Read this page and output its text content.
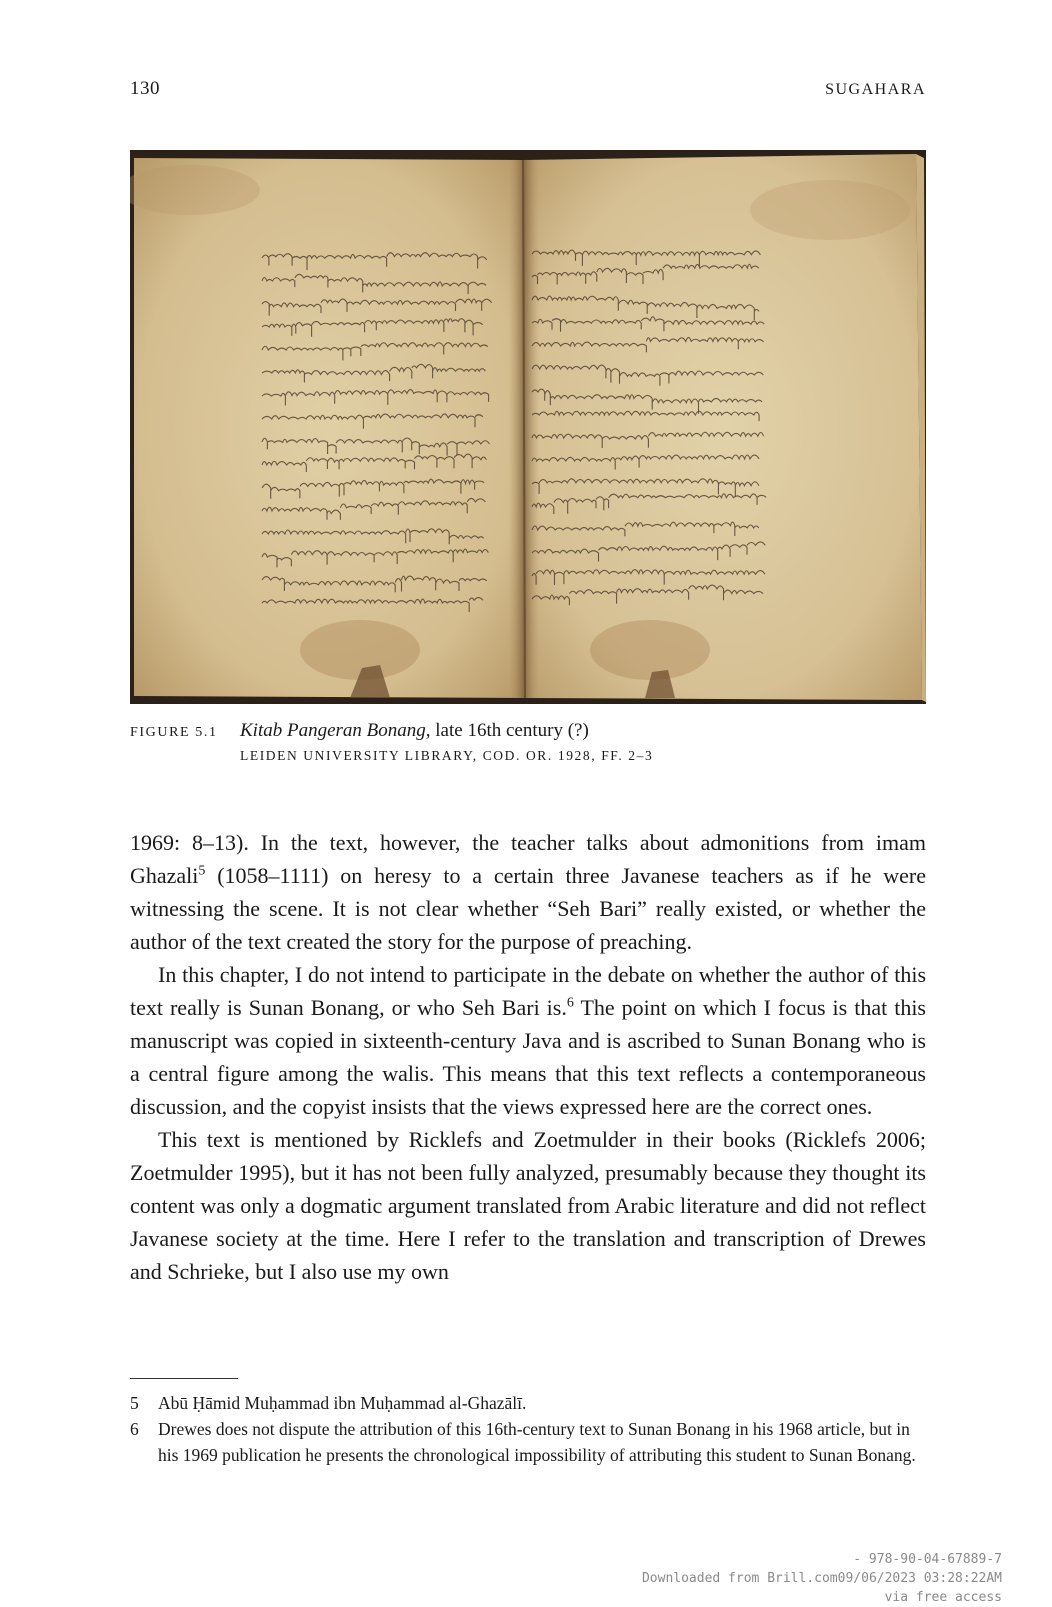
130	SUGAHARA
FIGURE 5.1	Kitab Pangeran Bonang, late 16th century (?)
LEIDEN UNIVERSITY LIBRARY, COD. OR. 1928, FF. 2–3

1969: 8–13). In the text, however, the teacher talks about admonitions from imam Ghazali$^5$ (1058–1111) on heresy to a certain three Javanese teachers as if he were witnessing the scene. It is not clear whether “Seh Bari” really existed, or whether the author of the text created the story for the purpose of preaching.

In this chapter, I do not intend to participate in the debate on whether the author of this text really is Sunan Bonang, or who Seh Bari is.$^6$ The point on which I focus is that this manuscript was copied in sixteenth-century Java and is ascribed to Sunan Bonang who is a central figure among the walis. This means that this text reflects a contemporaneous discussion, and the copyist insists that the views expressed here are the correct ones.

This text is mentioned by Ricklefs and Zoetmulder in their books (Ricklefs 2006; Zoetmulder 1995), but it has not been fully analyzed, presumably because they thought its content was only a dogmatic argument translated from Arabic literature and did not reflect Javanese society at the time. Here I refer to the translation and transcription of Drewes and Schrieke, but I also use my own

5	Abū Ḥāmid Muḥammad ibn Muḥammad al-Ghazālī.
6	Drewes does not dispute the attribution of this 16th-century text to Sunan Bonang in his 1968 article, but in his 1969 publication he presents the chronological impossibility of attributing this student to Sunan Bonang.
- 978-90-04-67889-7
Downloaded from Brill.com09/06/2023 03:28:22AM
via free access
